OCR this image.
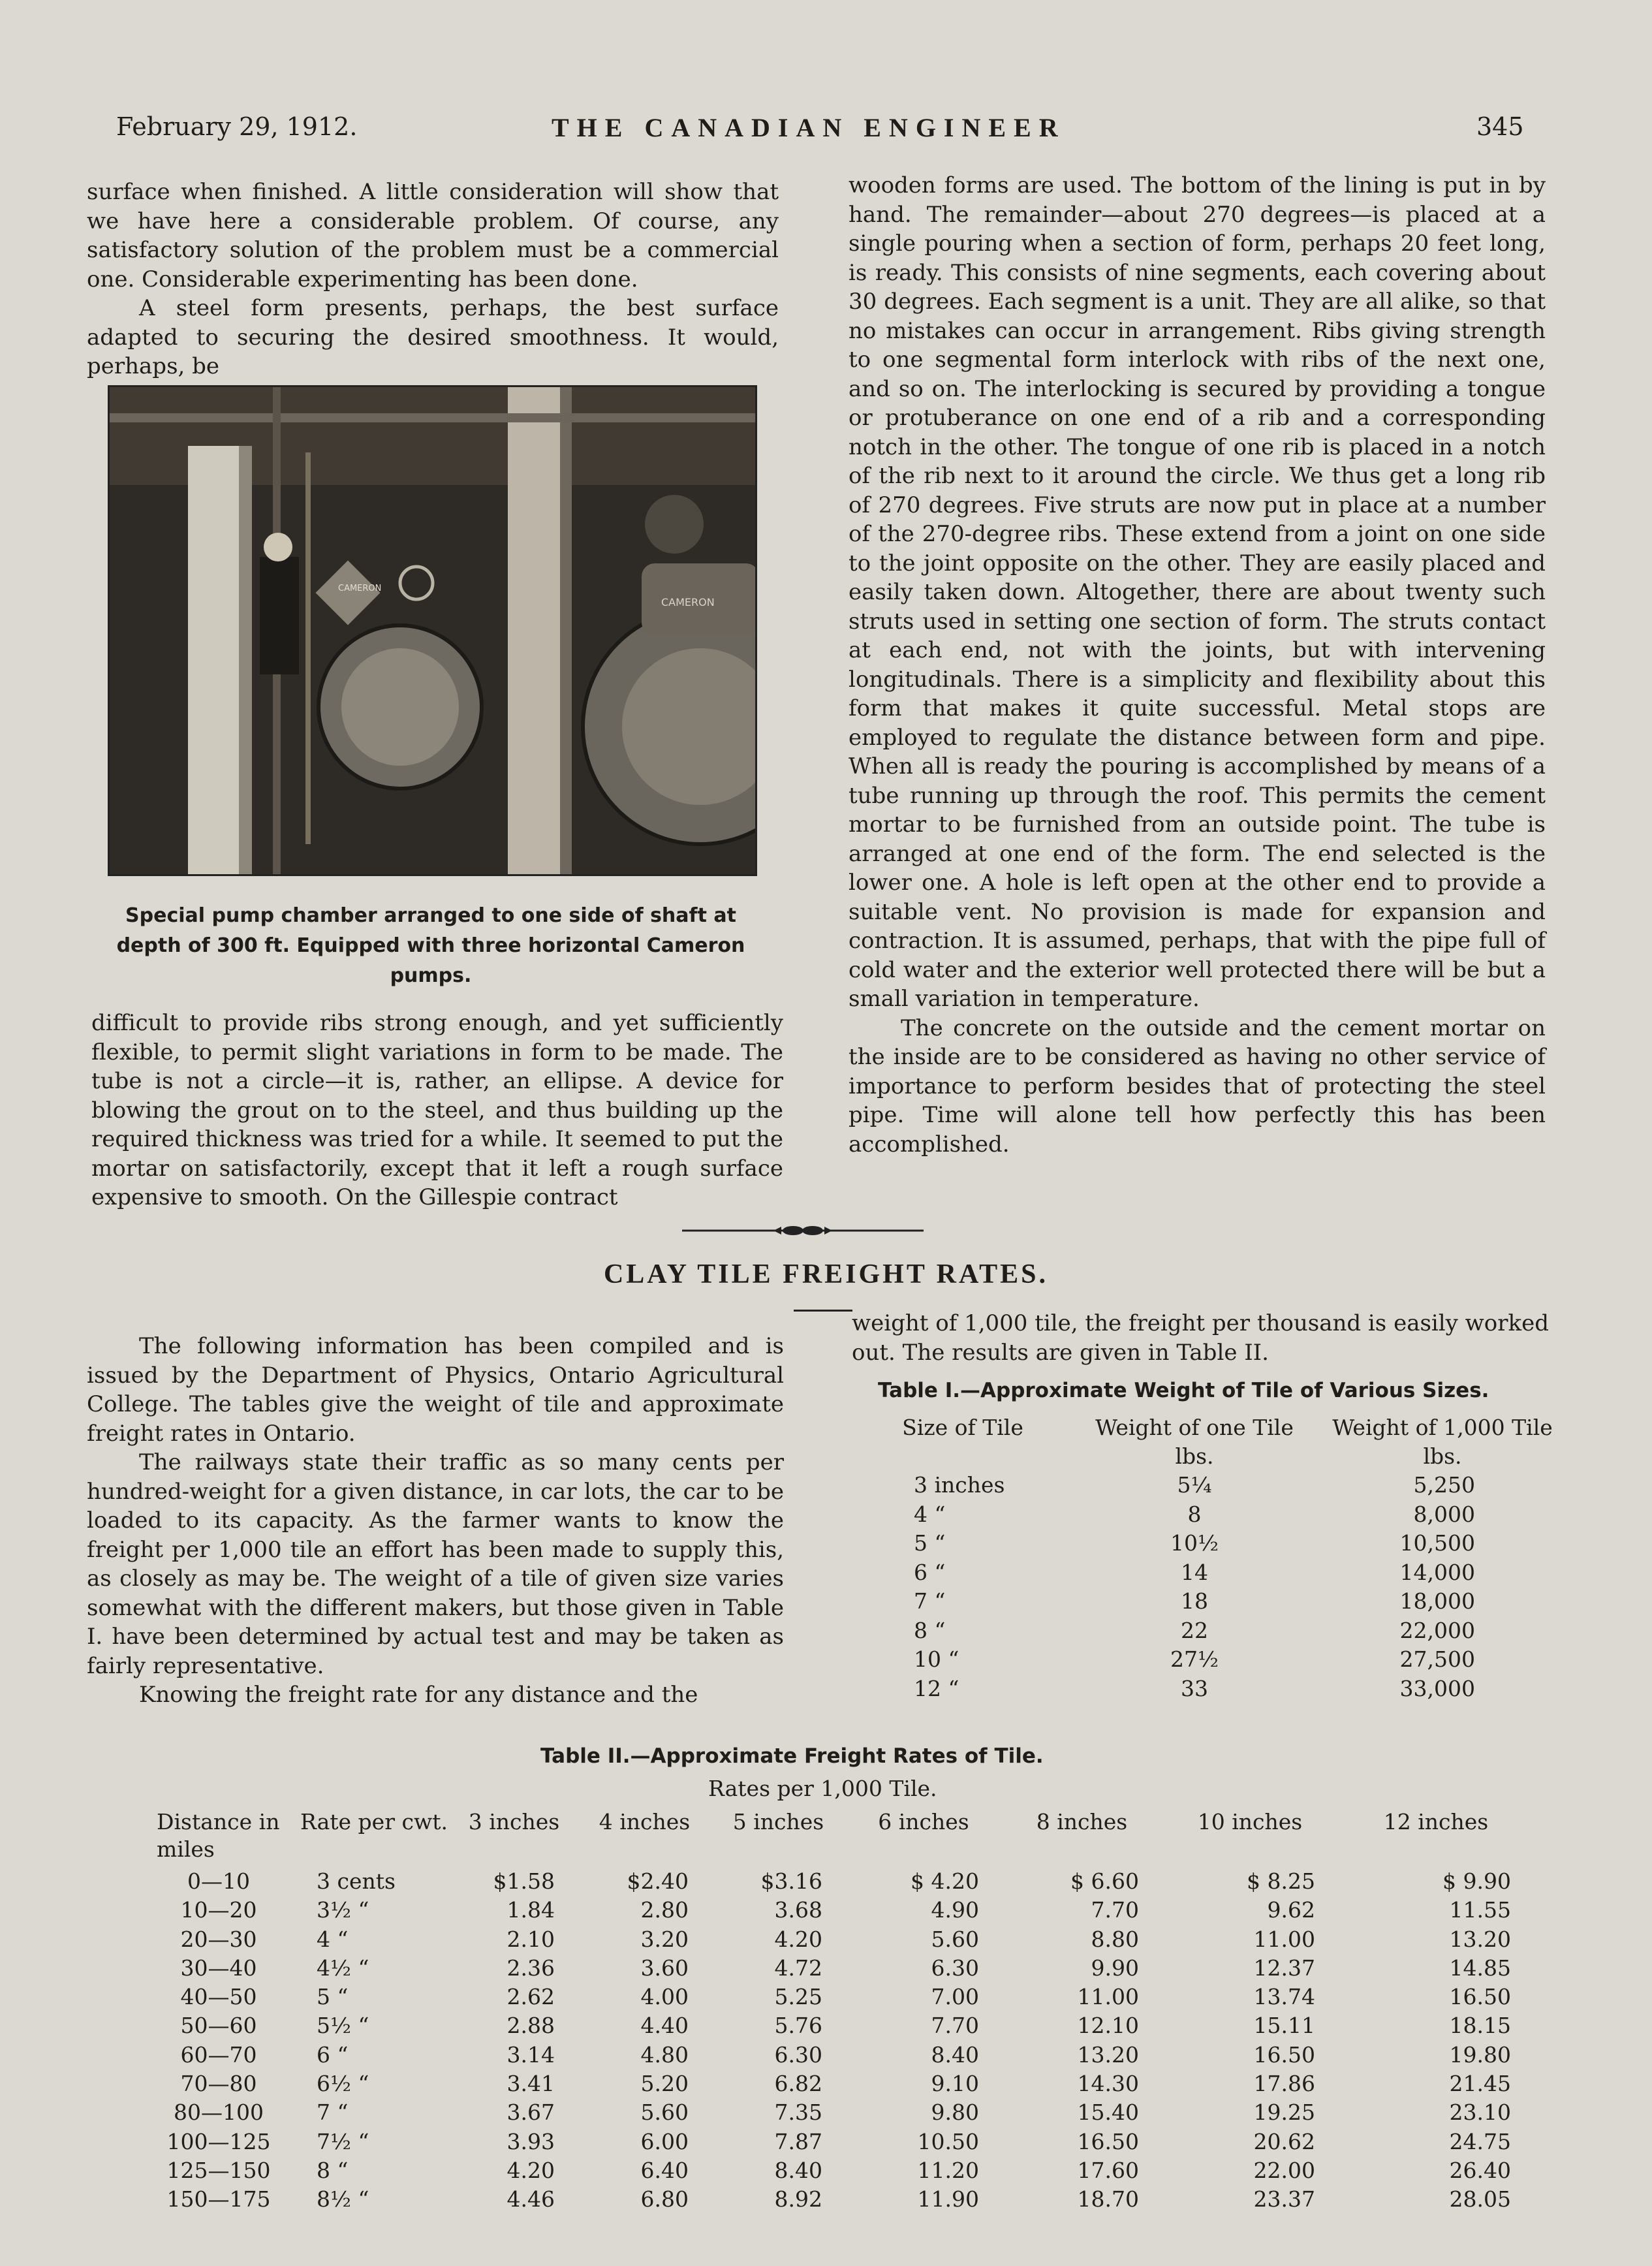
February 29, 1912.	THE CANADIAN ENGINEER	345

surface when finished. A little consideration will show that we have here a considerable problem. Of course, any satisfactory solution of the problem must be a commercial one. Considerable experimenting has been done.

A steel form presents, perhaps, the best surface adapted to securing the desired smoothness. It would, perhaps, be

CAMERON
CAMERON
Special pump chamber arranged to one side of shaft at depth of 300 ft. Equipped with three horizontal Cameron pumps.

difficult to provide ribs strong enough, and yet sufficiently flexible, to permit slight variations in form to be made. The tube is not a circle—it is, rather, an ellipse. A device for blowing the grout on to the steel, and thus building up the required thickness was tried for a while. It seemed to put the mortar on satisfactorily, except that it left a rough surface expensive to smooth. On the Gillespie contract

wooden forms are used. The bottom of the lining is put in by hand. The remainder—about 270 degrees—is placed at a single pouring when a section of form, perhaps 20 feet long, is ready. This consists of nine segments, each covering about 30 degrees. Each segment is a unit. They are all alike, so that no mistakes can occur in arrangement. Ribs giving strength to one segmental form interlock with ribs of the next one, and so on. The interlocking is secured by providing a tongue or protuberance on one end of a rib and a corresponding notch in the other. The tongue of one rib is placed in a notch of the rib next to it around the circle. We thus get a long rib of 270 degrees. Five struts are now put in place at a number of the 270-degree ribs. These extend from a joint on one side to the joint opposite on the other. They are easily placed and easily taken down. Altogether, there are about twenty such struts used in setting one section of form. The struts contact at each end, not with the joints, but with intervening longitudinals. There is a simplicity and flexibility about this form that makes it quite successful. Metal stops are employed to regulate the distance between form and pipe. When all is ready the pouring is accomplished by means of a tube running up through the roof. This permits the cement mortar to be furnished from an outside point. The tube is arranged at one end of the form. The end selected is the lower one. A hole is left open at the other end to provide a suitable vent. No provision is made for expansion and contraction. It is assumed, perhaps, that with the pipe full of cold water and the exterior well protected there will be but a small variation in temperature.

The concrete on the outside and the cement mortar on the inside are to be considered as having no other service of importance to perform besides that of protecting the steel pipe. Time will alone tell how perfectly this has been accomplished.

CLAY TILE FREIGHT RATES.

The following information has been compiled and is issued by the Department of Physics, Ontario Agricultural College. The tables give the weight of tile and approximate freight rates in Ontario.

The railways state their traffic as so many cents per hundred-weight for a given distance, in car lots, the car to be loaded to its capacity. As the farmer wants to know the freight per 1,000 tile an effort has been made to supply this, as closely as may be. The weight of a tile of given size varies somewhat with the different makers, but those given in Table I. have been determined by actual test and may be taken as fairly representative.

Knowing the freight rate for any distance and the

weight of 1,000 tile, the freight per thousand is easily worked out. The results are given in Table II.

Table I.—Approximate Weight of Tile of Various Sizes.
Size of Tile	Weight of one Tile	Weight of 1,000 Tile
	lbs.	lbs.
3 inches	5¼	5,250
4 “	8	8,000
5 “	10½	10,500
6 “	14	14,000
7 “	18	18,000
8 “	22	22,000
10 “	27½	27,500
12 “	33	33,000
Table II.—Approximate Freight Rates of Tile.
Rates per 1,000 Tile.
Distance in miles	Rate per cwt.	3 inches	4 inches	5 inches	6 inches	8 inches	10 inches	12 inches
0—10	3 cents	$1.58	$2.40	$3.16	$ 4.20	$ 6.60	$ 8.25	$ 9.90
10—20	3½ “	1.84	2.80	3.68	4.90	7.70	9.62	11.55
20—30	4 “	2.10	3.20	4.20	5.60	8.80	11.00	13.20
30—40	4½ “	2.36	3.60	4.72	6.30	9.90	12.37	14.85
40—50	5 “	2.62	4.00	5.25	7.00	11.00	13.74	16.50
50—60	5½ “	2.88	4.40	5.76	7.70	12.10	15.11	18.15
60—70	6 “	3.14	4.80	6.30	8.40	13.20	16.50	19.80
70—80	6½ “	3.41	5.20	6.82	9.10	14.30	17.86	21.45
80—100	7 “	3.67	5.60	7.35	9.80	15.40	19.25	23.10
100—125	7½ “	3.93	6.00	7.87	10.50	16.50	20.62	24.75
125—150	8 “	4.20	6.40	8.40	11.20	17.60	22.00	26.40
150—175	8½ “	4.46	6.80	8.92	11.90	18.70	23.37	28.05
